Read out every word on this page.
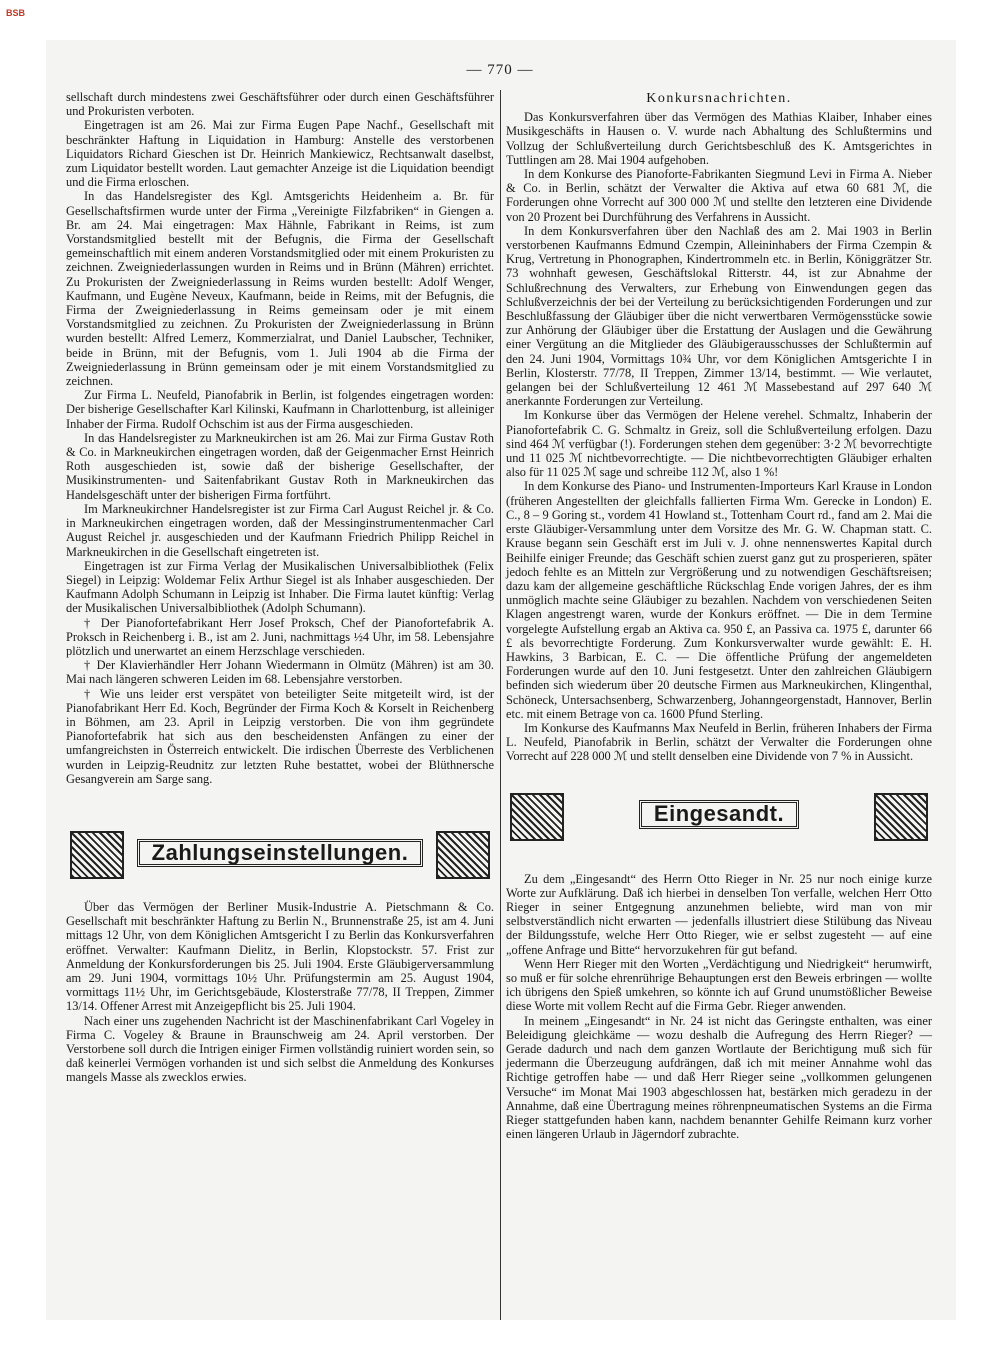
BSB
— 770 —

sellschaft durch mindestens zwei Geschäftsführer oder durch einen Geschäftsführer und Prokuristen verboten.

Eingetragen ist am 26. Mai zur Firma Eugen Pape Nachf., Gesellschaft mit beschränkter Haftung in Liquidation in Hamburg: Anstelle des verstorbenen Liquidators Richard Gieschen ist Dr. Heinrich Mankiewicz, Rechtsanwalt daselbst, zum Liquidator bestellt worden. Laut gemachter Anzeige ist die Liquidation beendigt und die Firma erloschen.

In das Handelsregister des Kgl. Amtsgerichts Heidenheim a. Br. für Gesellschaftsfirmen wurde unter der Firma „Vereinigte Filzfabriken“ in Giengen a. Br. am 24. Mai eingetragen: Max Hähnle, Fabrikant in Reims, ist zum Vorstandsmitglied bestellt mit der Befugnis, die Firma der Gesellschaft gemeinschaftlich mit einem anderen Vorstandsmitglied oder mit einem Prokuristen zu zeichnen. Zweigniederlassungen wurden in Reims und in Brünn (Mähren) errichtet. Zu Prokuristen der Zweigniederlassung in Reims wurden bestellt: Adolf Wenger, Kaufmann, und Eugène Neveux, Kaufmann, beide in Reims, mit der Befugnis, die Firma der Zweigniederlassung in Reims gemeinsam oder je mit einem Vorstandsmitglied zu zeichnen. Zu Prokuristen der Zweigniederlassung in Brünn wurden bestellt: Alfred Lemerz, Kommerzialrat, und Daniel Laubscher, Techniker, beide in Brünn, mit der Befugnis, vom 1. Juli 1904 ab die Firma der Zweigniederlassung in Brünn gemeinsam oder je mit einem Vorstandsmitglied zu zeichnen.

Zur Firma L. Neufeld, Pianofabrik in Berlin, ist folgendes eingetragen worden: Der bisherige Gesellschafter Karl Kilinski, Kaufmann in Charlottenburg, ist alleiniger Inhaber der Firma. Rudolf Ochschim ist aus der Firma ausgeschieden.

In das Handelsregister zu Markneukirchen ist am 26. Mai zur Firma Gustav Roth & Co. in Markneukirchen eingetragen worden, daß der Geigenmacher Ernst Heinrich Roth ausgeschieden ist, sowie daß der bisherige Gesellschafter, der Musikinstrumenten- und Saitenfabrikant Gustav Roth in Markneukirchen das Handelsgeschäft unter der bisherigen Firma fortführt.

Im Markneukirchner Handelsregister ist zur Firma Carl August Reichel jr. & Co. in Markneukirchen eingetragen worden, daß der Messinginstrumentenmacher Carl August Reichel jr. ausgeschieden und der Kaufmann Friedrich Philipp Reichel in Markneukirchen in die Gesellschaft eingetreten ist.

Eingetragen ist zur Firma Verlag der Musikalischen Universalbibliothek (Felix Siegel) in Leipzig: Woldemar Felix Arthur Siegel ist als Inhaber ausgeschieden. Der Kaufmann Adolph Schumann in Leipzig ist Inhaber. Die Firma lautet künftig: Verlag der Musikalischen Universalbibliothek (Adolph Schumann).

† Der Pianofortefabrikant Herr Josef Proksch, Chef der Pianofortefabrik A. Proksch in Reichenberg i. B., ist am 2. Juni, nachmittags ½4 Uhr, im 58. Lebensjahre plötzlich und unerwartet an einem Herzschlage verschieden.

† Der Klavierhändler Herr Johann Wiedermann in Olmütz (Mähren) ist am 30. Mai nach längeren schweren Leiden im 68. Lebensjahre verstorben.

† Wie uns leider erst verspätet von beteiligter Seite mitgeteilt wird, ist der Pianofabrikant Herr Ed. Koch, Begründer der Firma Koch & Korselt in Reichenberg in Böhmen, am 23. April in Leipzig verstorben. Die von ihm gegründete Pianofortefabrik hat sich aus den bescheidensten Anfängen zu einer der umfangreichsten in Österreich entwickelt. Die irdischen Überreste des Verblichenen wurden in Leipzig-Reudnitz zur letzten Ruhe bestattet, wobei der Blüthnersche Gesangverein am Sarge sang.

Zahlungseinstellungen.

Über das Vermögen der Berliner Musik-Industrie A. Pietschmann & Co. Gesellschaft mit beschränkter Haftung zu Berlin N., Brunnenstraße 25, ist am 4. Juni mittags 12 Uhr, von dem Königlichen Amtsgericht I zu Berlin das Konkursverfahren eröffnet. Verwalter: Kaufmann Dielitz, in Berlin, Klopstockstr. 57. Frist zur Anmeldung der Konkursforderungen bis 25. Juli 1904. Erste Gläubigerversammlung am 29. Juni 1904, vormittags 10½ Uhr. Prüfungstermin am 25. August 1904, vormittags 11½ Uhr, im Gerichtsgebäude, Klosterstraße 77/78, II Treppen, Zimmer 13/14. Offener Arrest mit Anzeigepflicht bis 25. Juli 1904.

Nach einer uns zugehenden Nachricht ist der Maschinenfabrikant Carl Vogeley in Firma C. Vogeley & Braune in Braunschweig am 24. April verstorben. Der Verstorbene soll durch die Intrigen einiger Firmen vollständig ruiniert worden sein, so daß keinerlei Vermögen vorhanden ist und sich selbst die Anmeldung des Konkurses mangels Masse als zwecklos erwies.

Konkursnachrichten.

Das Konkursverfahren über das Vermögen des Mathias Klaiber, Inhaber eines Musikgeschäfts in Hausen o. V. wurde nach Abhaltung des Schlußtermins und Vollzug der Schlußverteilung durch Gerichtsbeschluß des K. Amtsgerichtes in Tuttlingen am 28. Mai 1904 aufgehoben.

In dem Konkurse des Pianoforte-Fabrikanten Siegmund Levi in Firma A. Nieber & Co. in Berlin, schätzt der Verwalter die Aktiva auf etwa 60 681 ℳ, die Forderungen ohne Vorrecht auf 300 000 ℳ und stellte den letzteren eine Dividende von 20 Prozent bei Durchführung des Verfahrens in Aussicht.

In dem Konkursverfahren über den Nachlaß des am 2. Mai 1903 in Berlin verstorbenen Kaufmanns Edmund Czempin, Alleininhabers der Firma Czempin & Krug, Vertretung in Phonographen, Kindertrommeln etc. in Berlin, Königgrätzer Str. 73 wohnhaft gewesen, Geschäftslokal Ritterstr. 44, ist zur Abnahme der Schlußrechnung des Verwalters, zur Erhebung von Einwendungen gegen das Schlußverzeichnis der bei der Verteilung zu berücksichtigenden Forderungen und zur Beschlußfassung der Gläubiger über die nicht verwertbaren Vermögensstücke sowie zur Anhörung der Gläubiger über die Erstattung der Auslagen und die Gewährung einer Vergütung an die Mitglieder des Gläubigerausschusses der Schlußtermin auf den 24. Juni 1904, Vormittags 10¾ Uhr, vor dem Königlichen Amtsgerichte I in Berlin, Klosterstr. 77/78, II Treppen, Zimmer 13/14, bestimmt. — Wie verlautet, gelangen bei der Schlußverteilung 12 461 ℳ Massebestand auf 297 640 ℳ anerkannte Forderungen zur Verteilung.

Im Konkurse über das Vermögen der Helene verehel. Schmaltz, Inhaberin der Pianofortefabrik C. G. Schmaltz in Greiz, soll die Schlußverteilung erfolgen. Dazu sind 464 ℳ verfügbar (!). Forderungen stehen dem gegenüber: 3·2 ℳ bevorrechtigte und 11 025 ℳ nichtbevorrechtigte. — Die nichtbevorrechtigten Gläubiger erhalten also für 11 025 ℳ sage und schreibe 112 ℳ, also 1 %!

In dem Konkurse des Piano- und Instrumenten-Importeurs Karl Krause in London (früheren Angestellten der gleichfalls fallierten Firma Wm. Gerecke in London) E. C., 8 – 9 Goring st., vordem 41 Howland st., Tottenham Court rd., fand am 2. Mai die erste Gläubiger-Versammlung unter dem Vorsitze des Mr. G. W. Chapman statt. C. Krause begann sein Geschäft erst im Juli v. J. ohne nennenswertes Kapital durch Beihilfe einiger Freunde; das Geschäft schien zuerst ganz gut zu prosperieren, später jedoch fehlte es an Mitteln zur Vergrößerung und zu notwendigen Geschäftsreisen; dazu kam der allgemeine geschäftliche Rückschlag Ende vorigen Jahres, der es ihm unmöglich machte seine Gläubiger zu bezahlen. Nachdem von verschiedenen Seiten Klagen angestrengt waren, wurde der Konkurs eröffnet. — Die in dem Termine vorgelegte Aufstellung ergab an Aktiva ca. 950 £, an Passiva ca. 1975 £, darunter 66 £ als bevorrechtigte Forderung. Zum Konkursverwalter wurde gewählt: E. H. Hawkins, 3 Barbican, E. C. — Die öffentliche Prüfung der angemeldeten Forderungen wurde auf den 10. Juni festgesetzt. Unter den zahlreichen Gläubigern befinden sich wiederum über 20 deutsche Firmen aus Markneukirchen, Klingenthal, Schöneck, Untersachsenberg, Schwarzenberg, Johanngeorgenstadt, Hannover, Berlin etc. mit einem Betrage von ca. 1600 Pfund Sterling.

Im Konkurse des Kaufmanns Max Neufeld in Berlin, früheren Inhabers der Firma L. Neufeld, Pianofabrik in Berlin, schätzt der Verwalter die Forderungen ohne Vorrecht auf 228 000 ℳ und stellt denselben eine Dividende von 7 % in Aussicht.

Eingesandt.

Zu dem „Eingesandt“ des Herrn Otto Rieger in Nr. 25 nur noch einige kurze Worte zur Aufklärung. Daß ich hierbei in denselben Ton verfalle, welchen Herr Otto Rieger in seiner Entgegnung anzunehmen beliebte, wird man von mir selbstverständlich nicht erwarten — jedenfalls illustriert diese Stilübung das Niveau der Bildungsstufe, welche Herr Otto Rieger, wie er selbst zugesteht — auf eine „offene Anfrage und Bitte“ hervorzukehren für gut befand.

Wenn Herr Rieger mit den Worten „Verdächtigung und Niedrigkeit“ herumwirft, so muß er für solche ehrenrührige Behauptungen erst den Beweis erbringen — wollte ich übrigens den Spieß umkehren, so könnte ich auf Grund unumstößlicher Beweise diese Worte mit vollem Recht auf die Firma Gebr. Rieger anwenden.

In meinem „Eingesandt“ in Nr. 24 ist nicht das Geringste enthalten, was einer Beleidigung gleichkäme — wozu deshalb die Aufregung des Herrn Rieger? — Gerade dadurch und nach dem ganzen Wortlaute der Berichtigung muß sich für jedermann die Überzeugung aufdrängen, daß ich mit meiner Annahme wohl das Richtige getroffen habe — und daß Herr Rieger seine „vollkommen gelungenen Versuche“ im Monat Mai 1903 abgeschlossen hat, bestärken mich geradezu in der Annahme, daß eine Übertragung meines röhrenpneumatischen Systems an die Firma Rieger stattgefunden haben kann, nachdem benannter Gehilfe Reimann kurz vorher einen längeren Urlaub in Jägerndorf zubrachte.
